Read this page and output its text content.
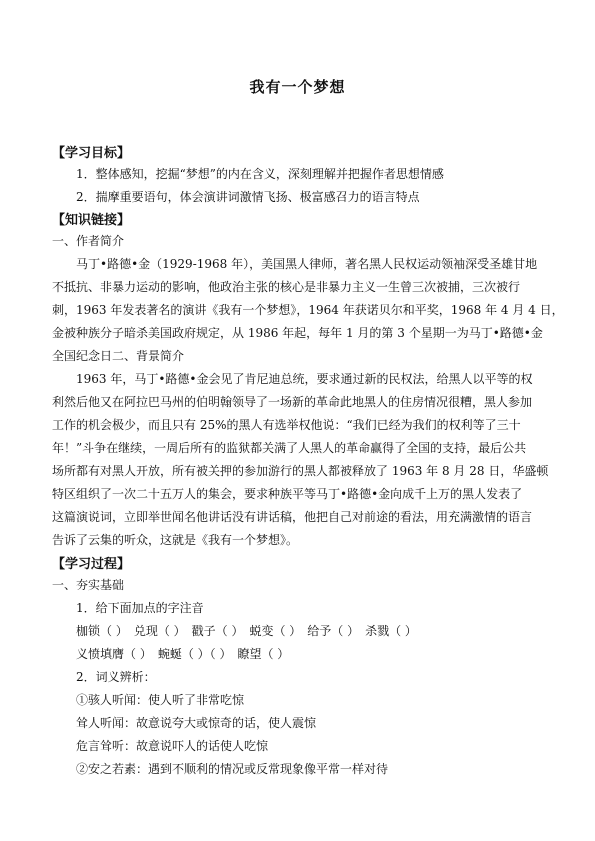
我有一个梦想
【学习目标】
1．整体感知，挖掘“梦想”的内在含义，深刻理解并把握作者思想情感
2．揣摩重要语句，体会演讲词激情飞扬、极富感召力的语言特点
【知识链接】
一、作者简介
马丁•路德•金（1929-1968 年），美国黑人律师，著名黑人民权运动领袖深受圣雄甘地
不抵抗、非暴力运动的影响，他政治主张的核心是非暴力主义一生曾三次被捕，三次被行
刺，1963 年发表著名的演讲《我有一个梦想》，1964 年获诺贝尔和平奖，1968 年 4 月 4 日，
金被种族分子暗杀美国政府规定，从 1986 年起，每年 1 月的第 3 个星期一为马丁•路德•金
全国纪念日二、背景简介
1963 年，马丁•路德•金会见了肯尼迪总统，要求通过新的民权法，给黑人以平等的权
利然后他又在阿拉巴马州的伯明翰领导了一场新的革命此地黑人的住房情况很糟，黑人参加
工作的机会极少，而且只有 25%的黑人有选举权他说：“我们已经为我们的权利等了三十
年！”斗争在继续，一周后所有的监狱都关满了人黑人的革命赢得了全国的支持，最后公共
场所都有对黑人开放，所有被关押的参加游行的黑人都被释放了 1963 年 8 月 28 日，华盛顿
特区组织了一次二十五万人的集会，要求种族平等马丁•路德•金向成千上万的黑人发表了
这篇演说词，立即举世闻名他讲话没有讲话稿，他把自己对前途的看法，用充满激情的语言
告诉了云集的听众，这就是《我有一个梦想》。
【学习过程】
一、夯实基础
1．给下面加点的字注音
枷锁（ ）　兑现（ ）　戳子（ ）　蜕变（ ）　给予（ ）　杀戮（ ）
义愤填膺（ ）　蜿蜒（ ）（ ）　瞭望（ ）
2．词义辨析：
①骇人听闻：使人听了非常吃惊
耸人听闻：故意说夸大或惊奇的话，使人震惊
危言耸听：故意说吓人的话使人吃惊
②安之若素：遇到不顺利的情况或反常现象像平常一样对待
